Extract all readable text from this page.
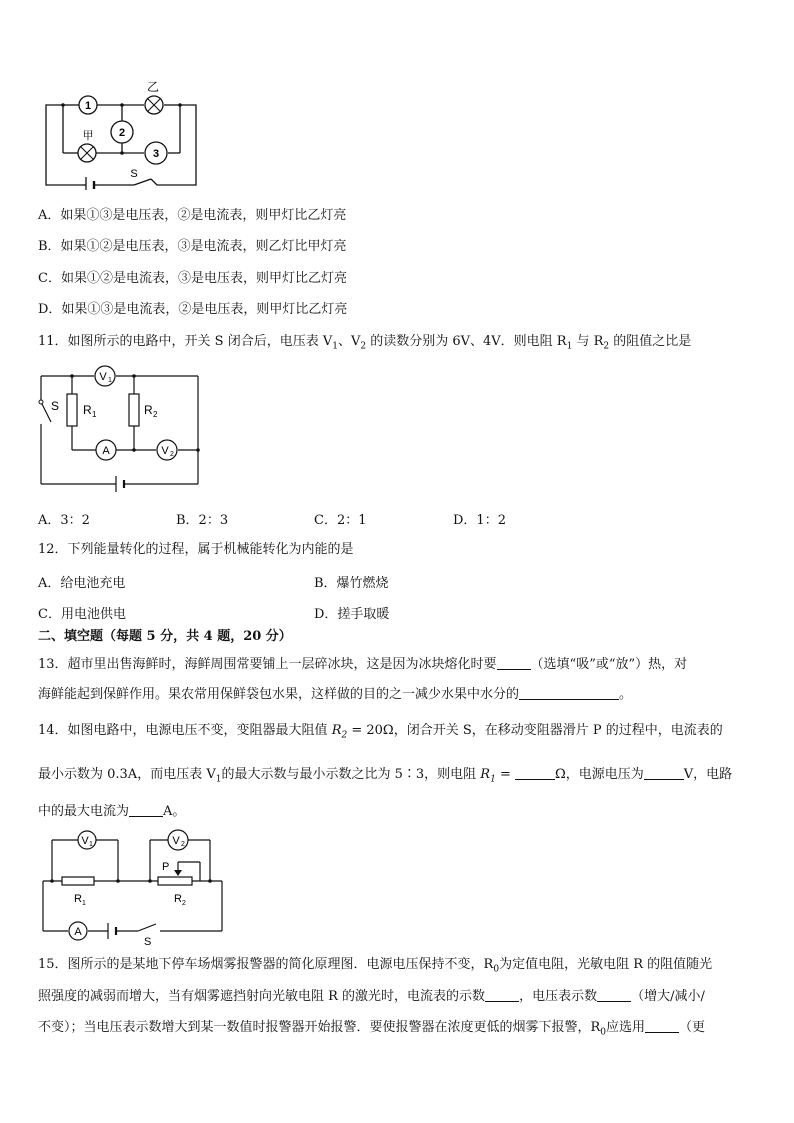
1
2
3
乙
甲
S
A．如果①③是电压表，②是电流表，则甲灯比乙灯亮
B．如果①②是电压表，③是电流表，则乙灯比甲灯亮
C．如果①②是电流表，③是电压表，则甲灯比乙灯亮
D．如果①③是电流表，②是电压表，则甲灯比乙灯亮
11．如图所示的电路中，开关 S 闭合后，电压表 $V_1$、$V_2$ 的读数分别为 6V、4V．则电阻 $R_1$ 与 $R_2$ 的阻值之比是
V 1
A	V 2
R 1	R 2
S
A．3：2	B．2：3	C．2：1	D．1：2
12．下列能量转化的过程，属于机械能转化为内能的是
A．给电池充电	B．爆竹燃烧
C．用电池供电	D．搓手取暖
二、填空题（每题 5 分，共 4 题，20 分）
13．超市里出售海鲜时，海鲜周围常要铺上一层碎冰块，这是因为冰块熔化时要	（选填“吸”或“放”）热，对
海鲜能起到保鲜作用。果农常用保鲜袋包水果，这样做的目的之一减少水果中水分的	。
14．如图电路中，电源电压不变，变阻器最大阻值 $R_2 = 20\Omega$，闭合开关 S，在移动变阻器滑片 P 的过程中，电流表的
最小示数为 0.3A，而电压表 $V_1$的最大示数与最小示数之比为 5∶3，则电阻 $R_1$ =	Ω，电源电压为	V，电路
中的最大电流为	A。
V 1	V 2
A
R 1	R 2
P
S
15．图所示的是某地下停车场烟雾报警器的简化原理图．电源电压保持不变，$R_0$为定值电阻，光敏电阻 R 的阻值随光
照强度的减弱而增大，当有烟雾遮挡射向光敏电阻 R 的激光时，电流表的示数	，电压表示数	（增大/减小/
不变）；当电压表示数增大到某一数值时报警器开始报警．要使报警器在浓度更低的烟雾下报警，$R_0$应选用	（更
